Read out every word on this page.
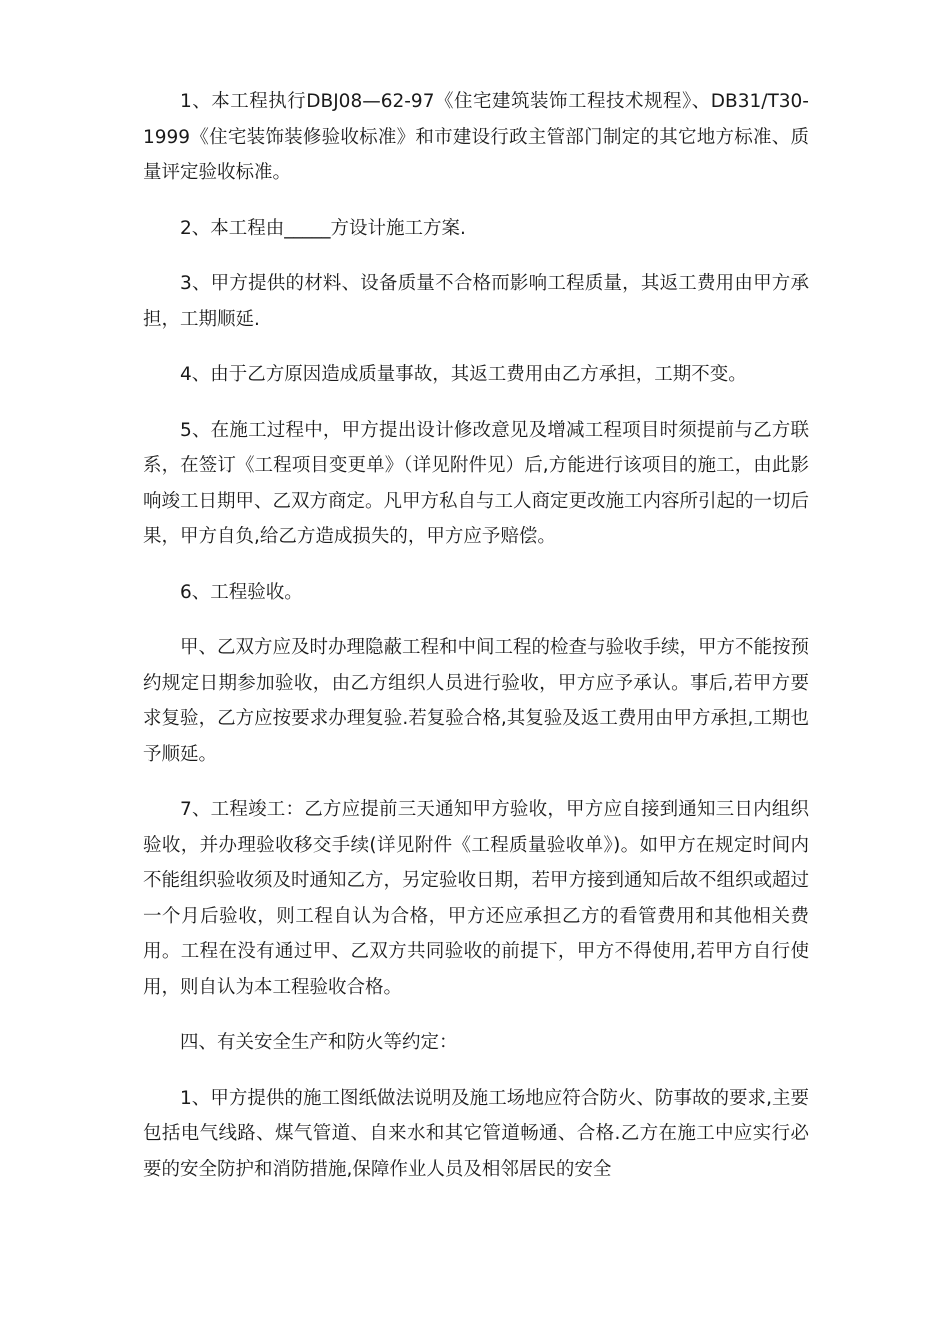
1、本工程执行DBJ08—62-97《住宅建筑装饰工程技术规程》、DB31/T30-1999《住宅装饰装修验收标准》和市建设行政主管部门制定的其它地方标准、质量评定验收标准。

2、本工程由_____方设计施工方案.

3、甲方提供的材料、设备质量不合格而影响工程质量，其返工费用由甲方承担，工期顺延.

4、由于乙方原因造成质量事故，其返工费用由乙方承担，工期不变。

5、在施工过程中，甲方提出设计修改意见及增减工程项目时须提前与乙方联系，在签订《工程项目变更单》（详见附件见）后,方能进行该项目的施工，由此影响竣工日期甲、乙双方商定。凡甲方私自与工人商定更改施工内容所引起的一切后果，甲方自负,给乙方造成损失的，甲方应予赔偿。

6、工程验收。

甲、乙双方应及时办理隐蔽工程和中间工程的检查与验收手续，甲方不能按预约规定日期参加验收，由乙方组织人员进行验收，甲方应予承认。事后,若甲方要求复验，乙方应按要求办理复验.若复验合格,其复验及返工费用由甲方承担,工期也予顺延。

7、工程竣工：乙方应提前三天通知甲方验收，甲方应自接到通知三日内组织验收，并办理验收移交手续(详见附件《工程质量验收单》)。如甲方在规定时间内不能组织验收须及时通知乙方，另定验收日期，若甲方接到通知后故不组织或超过一个月后验收，则工程自认为合格，甲方还应承担乙方的看管费用和其他相关费用。工程在没有通过甲、乙双方共同验收的前提下，甲方不得使用,若甲方自行使用，则自认为本工程验收合格。

四、有关安全生产和防火等约定：

1、甲方提供的施工图纸做法说明及施工场地应符合防火、防事故的要求,主要包括电气线路、煤气管道、自来水和其它管道畅通、合格.乙方在施工中应实行必要的安全防护和消防措施,保障作业人员及相邻居民的安全
